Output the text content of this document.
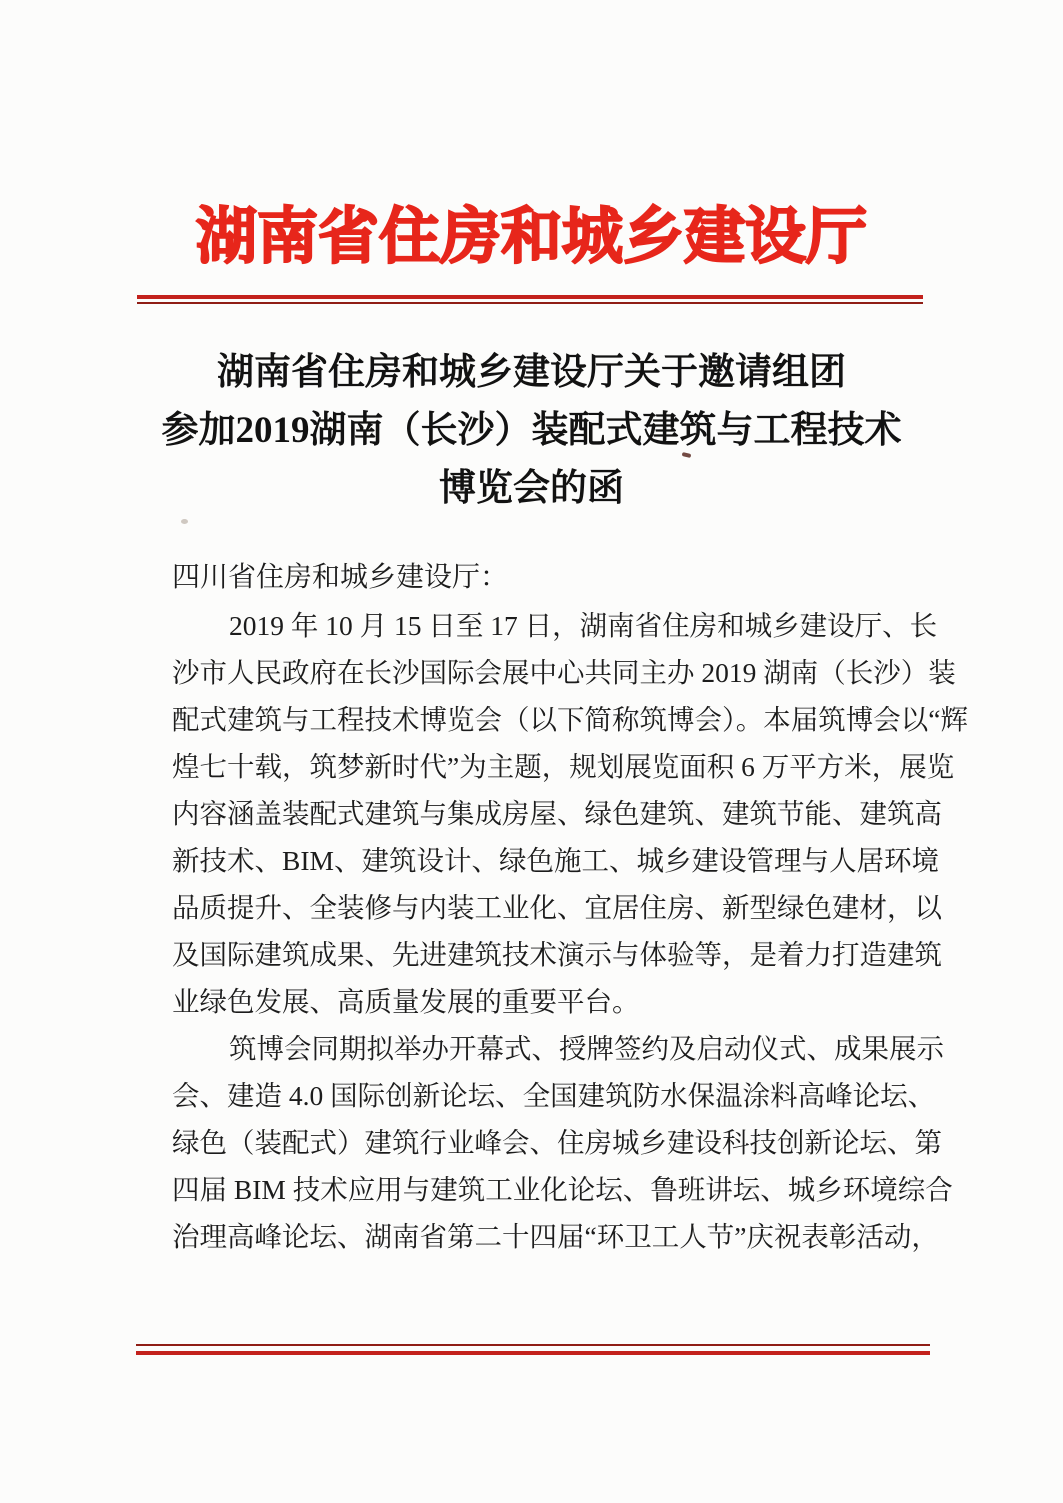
湖南省住房和城乡建设厅
湖南省住房和城乡建设厅关于邀请组团
参加2019湖南（长沙）装配式建筑与工程技术
博览会的函
四川省住房和城乡建设厅：
2019 年 10 月 15 日至 17 日，湖南省住房和城乡建设厅、长
沙市人民政府在长沙国际会展中心共同主办 2019 湖南（长沙）装
配式建筑与工程技术博览会（以下简称筑博会）。本届筑博会以“辉
煌七十载，筑梦新时代”为主题，规划展览面积 6 万平方米，展览
内容涵盖装配式建筑与集成房屋、绿色建筑、建筑节能、建筑高
新技术、BIM、建筑设计、绿色施工、城乡建设管理与人居环境
品质提升、全装修与内装工业化、宜居住房、新型绿色建材，以
及国际建筑成果、先进建筑技术演示与体验等，是着力打造建筑
业绿色发展、高质量发展的重要平台。
筑博会同期拟举办开幕式、授牌签约及启动仪式、成果展示
会、建造 4.0 国际创新论坛、全国建筑防水保温涂料高峰论坛、
绿色（装配式）建筑行业峰会、住房城乡建设科技创新论坛、第
四届 BIM 技术应用与建筑工业化论坛、鲁班讲坛、城乡环境综合
治理高峰论坛、湖南省第二十四届“环卫工人节”庆祝表彰活动，
